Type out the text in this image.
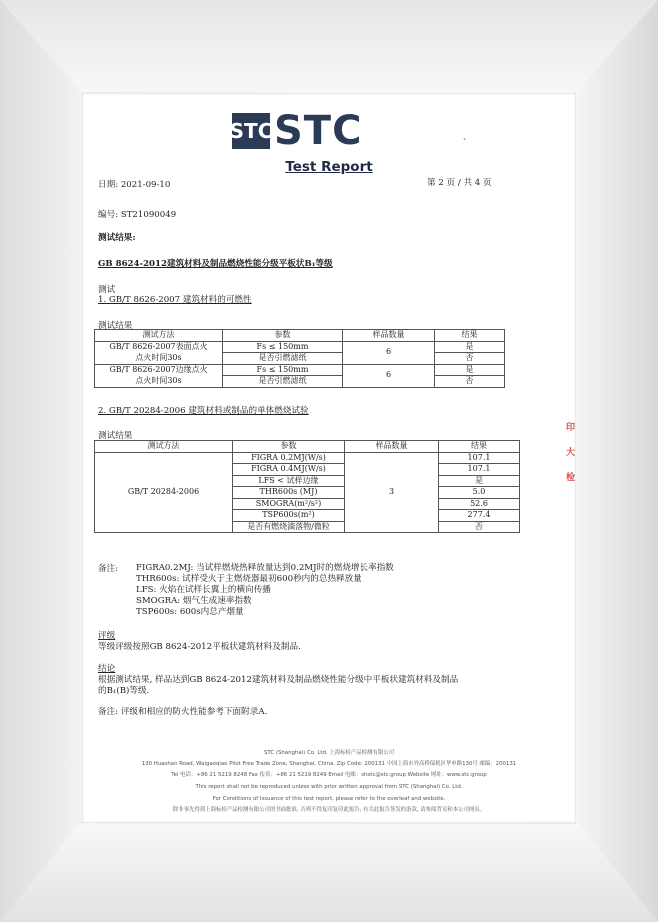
STC STC	、
Test Report
日期: 2021-09-10	第 2 页 / 共 4 页
编号: ST21090049
测试结果:
GB 8624-2012建筑材料及制品燃烧性能分级平板状B₁等级
测试
1. GB/T 8626-2007 建筑材料的可燃性
测试结果
测试方法	参数	样品数量	结果
GB/T 8626-2007表面点火	Fs ≤ 150mm	6	是
点火时间30s	是否引燃滤纸		否
GB/T 8626-2007边缘点火	Fs ≤ 150mm	6	是
点火时间30s	是否引燃滤纸		否
2. GB/T 20284-2006 建筑材料或制品的单体燃烧试验
测试结果
测试方法	参数	样品数量	结果
GB/T 20284-2006	FIGRA 0.2MJ(W/s)	3	107.1
	FIGRA 0.4MJ(W/s)		107.1
	LFS < 试样边缘		是
	THR600s (MJ)		5.0
	SMOGRA(m²/s²)		52.6
	TSP600s(m²)		277.4
	是否有燃烧滴落物/微粒		否
备注: FIGRA0.2MJ: 当试样燃烧热释放量达到0.2MJ时的燃烧增长率指数
THR600s: 试样受火于主燃烧器最初600秒内的总热释放量
LFS: 火焰在试样长翼上的横向传播
SMOGRA: 烟气生成速率指数
TSP600s: 600s内总产烟量
评级
等级评级按照GB 8624-2012平板状建筑材料及制品.
结论
根据测试结果, 样品达到GB 8624-2012建筑材料及制品燃烧性能分级中平板状建筑材料及制品
的B₁(B)等级.
备注: 评级和相应的防火性能参考下面附录A.
STC (Shanghai) Co. Ltd. 上海标检产品检测有限公司
130 Huashan Road, Waigaoqiao Pilot Free Trade Zone, Shanghai, China. Zip Code: 200131 中国上海市外高桥保税区华申路130号 邮编：200131
Tel 电话：+86 21 5219 8248 Fax 传真：+86 21 5219 8249 Email 电邮：shstc@stc.group Website 网址：www.stc.group
This report shall not be reproduced unless with prior written approval from STC (Shanghai) Co. Ltd.
For Conditions of Issuance of this test report, please refer to the overleaf and website.
除非事先得到上海标检产品检测有限公司的书面批准, 否则不得复印复印此报告, 有关此报告签发的条款, 请参阅背页和本公司网页。
印
大
检
